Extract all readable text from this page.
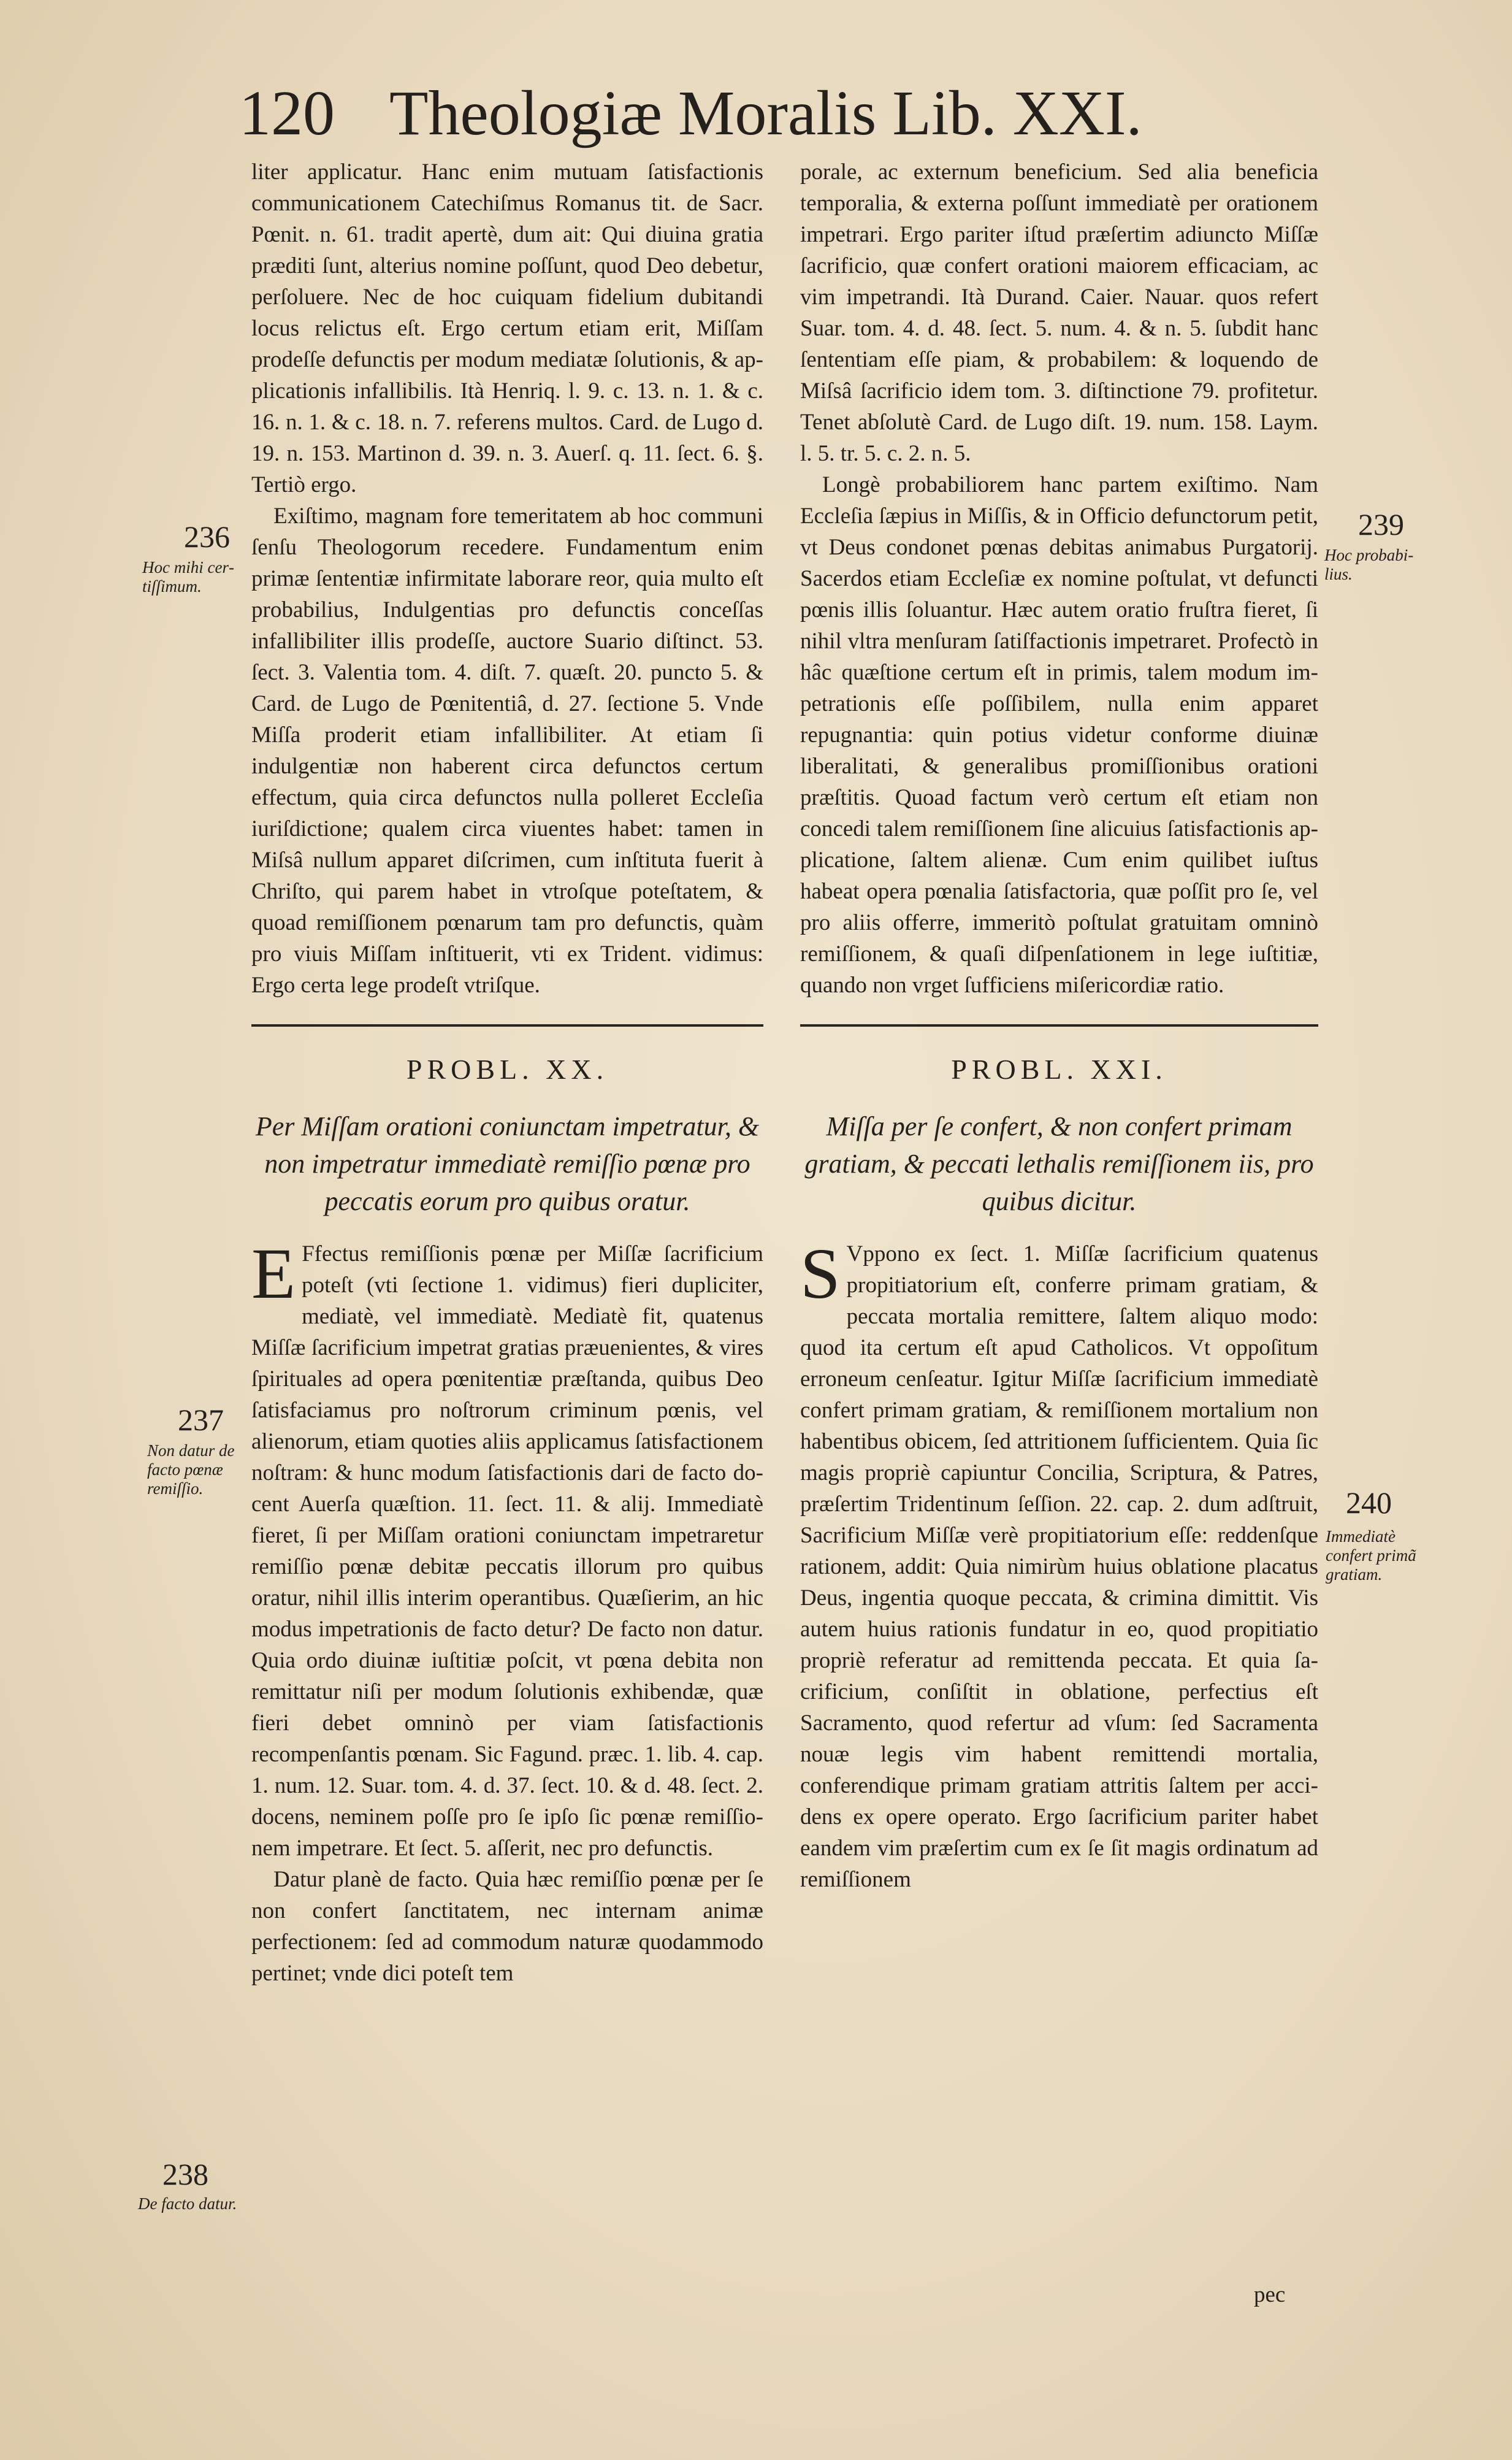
120 Theologiæ Moralis Lib. XXI.

liter applicatur. Hanc enim mutuam ſatisfactionis communicationem Catechiſmus Romanus tit. de Sacr. Pœnit. n. 61. tradit apertè, dum ait: Qui diuina gratia præditi ſunt, alterius nomine poſſunt, quod Deo debetur, perſoluere. Nec de hoc cuiquam fidelium dubitandi locus relictus eſt. Ergo certum etiam erit, Miſſam prodeſſe defunctis per modum mediatæ ſolutionis, & applicationis infallibilis. Ità Henriq. l. 9. c. 13. n. 1. & c. 16. n. 1. & c. 18. n. 7. referens multos. Card. de Lugo d. 19. n. 153. Martinon d. 39. n. 3. Auerſ. q. 11. ſect. 6. §. Tertiò ergo.

Exiſtimo, magnam fore temeritatem ab hoc communi ſenſu Theologorum recedere. Fundamentum enim primæ ſententiæ infirmitate laborare reor, quia multo eſt probabilius, Indulgentias pro defunctis conceſſas infallibiliter illis prodeſſe, auctore Suario diſtinct. 53. ſect. 3. Valentia tom. 4. diſt. 7. quæſt. 20. puncto 5. & Card. de Lugo de Pœnitentiâ, d. 27. ſectione 5. Vnde Miſſa proderit etiam infallibiliter. At etiam ſi indulgentiæ non haberent circa defunctos certum effectum, quia circa defunctos nulla polleret Eccleſia iuriſdictione; qualem circa viuentes habet: tamen in Miſsâ nullum apparet diſcrimen, cum inſtituta fuerit à Chriſto, qui parem habet in vtroſque poteſtatem, & quoad remiſſionem pœnarum tam pro defunctis, quàm pro viuis Miſſam inſtituerit, vti ex Trident. vidimus: Ergo certa lege prodeſt vtriſque.

PROBL. XX.
Per Miſſam orationi coniunctam impetratur, & non impetratur immediatè remiſſio pœnæ pro peccatis eorum pro quibus oratur.

E Ffectus remiſſionis pœnæ per Miſſæ ſacrificium poteſt (vti ſectione 1. vidimus) fieri dupliciter, mediatè, vel immediatè. Mediatè fit, quatenus Miſſæ ſacrificium impetrat gratias præuenientes, & vires ſpirituales ad opera pœnitentiæ præſtanda, quibus Deo ſatisfaciamus pro noſtrorum criminum pœnis, vel alienorum, etiam quoties aliis applicamus ſatisfactionem noſtram: & hunc modum ſatisfactionis dari de facto docent Auerſa quæſtion. 11. ſect. 11. & alij. Immediatè fieret, ſi per Miſſam orationi coniunctam impetraretur remiſſio pœnæ debitæ peccatis illorum pro quibus oratur, nihil illis interim operantibus. Quæſierim, an hic modus impetrationis de facto detur? De facto non datur. Quia ordo diuinæ iuſtitiæ poſcit, vt pœna debita non remittatur niſi per modum ſolutionis exhibendæ, quæ fieri debet omninò per viam ſatisfactionis recompenſantis pœnam. Sic Fagund. præc. 1. lib. 4. cap. 1. num. 12. Suar. tom. 4. d. 37. ſect. 10. & d. 48. ſect. 2. docens, neminem poſſe pro ſe ipſo ſic pœnæ remiſſionem impetrare. Et ſect. 5. aſſerit, nec pro defunctis.

Datur planè de facto. Quia hæc remiſſio pœnæ per ſe non confert ſanctitatem, nec internam animæ perfectionem: ſed ad commodum naturæ quodammodo pertinet; vnde dici poteſt tem

porale, ac externum beneficium. Sed alia beneficia temporalia, & externa poſſunt immediatè per orationem impetrari. Ergo pariter iſtud præſertim adiuncto Miſſæ ſacrificio, quæ confert orationi maiorem efficaciam, ac vim impetrandi. Ità Durand. Caier. Nauar. quos refert Suar. tom. 4. d. 48. ſect. 5. num. 4. & n. 5. ſubdit hanc ſententiam eſſe piam, & probabilem: & loquendo de Miſsâ ſacrificio idem tom. 3. diſtinctione 79. profitetur. Tenet abſolutè Card. de Lugo diſt. 19. num. 158. Laym. l. 5. tr. 5. c. 2. n. 5.

Longè probabiliorem hanc partem exiſtimo. Nam Eccleſia ſæpius in Miſſis, & in Officio defunctorum petit, vt Deus condonet pœnas debitas animabus Purgatorij. Sacerdos etiam Eccleſiæ ex nomine poſtulat, vt defuncti pœnis illis ſoluantur. Hæc autem oratio fruſtra fieret, ſi nihil vltra menſuram ſatiſfactionis impetraret. Profectò in hâc quæſtione certum eſt in primis, talem modum impetrationis eſſe poſſibilem, nulla enim apparet repugnantia: quin potius videtur conforme diuinæ liberalitati, & generalibus promiſſionibus orationi præſtitis. Quoad factum verò certum eſt etiam non concedi talem remiſſionem ſine alicuius ſatisfactionis applicatione, ſaltem alienæ. Cum enim quilibet iuſtus habeat opera pœnalia ſatisfactoria, quæ poſſit pro ſe, vel pro aliis offerre, immeritò poſtulat gratuitam omninò remiſſionem, & quaſi diſpenſationem in lege iuſtitiæ, quando non vrget ſufficiens miſericordiæ ratio.

PROBL. XXI.
Miſſa per ſe confert, & non confert primam gratiam, & peccati lethalis remiſſionem iis, pro quibus dicitur.

S Vppono ex ſect. 1. Miſſæ ſacrificium quatenus propitiatorium eſt, conferre primam gratiam, & peccata mortalia remittere, ſaltem aliquo modo: quod ita certum eſt apud Catholicos. Vt oppoſitum erroneum cenſeatur. Igitur Miſſæ ſacrificium immediatè confert primam gratiam, & remiſſionem mortalium non habentibus obicem, ſed attritionem ſufficientem. Quia ſic magis propriè capiuntur Concilia, Scriptura, & Patres, præſertim Tridentinum ſeſſion. 22. cap. 2. dum adſtruit, Sacrificium Miſſæ verè propitiatorium eſſe: reddenſque rationem, addit: Quia nimirùm huius oblatione placatus Deus, ingentia quoque peccata, & crimina dimittit. Vis autem huius rationis fundatur in eo, quod propitiatio propriè referatur ad remittenda peccata. Et quia ſacrificium, conſiſtit in oblatione, perfectius eſt Sacramento, quod refertur ad vſum: ſed Sacramenta nouæ legis vim habent remittendi mortalia, conferendique primam gratiam attritis ſaltem per accidens ex opere operato. Ergo ſacrificium pariter habet eandem vim præſertim cum ex ſe ſit magis ordinatum ad remiſſionem

236
Hoc mihi certiſſimum.
237
Non datur de facto pœnæ remiſſio.
238
De facto datur.
239
Hoc probabilius.
240
Immediatè confert primã gratiam.
pec
